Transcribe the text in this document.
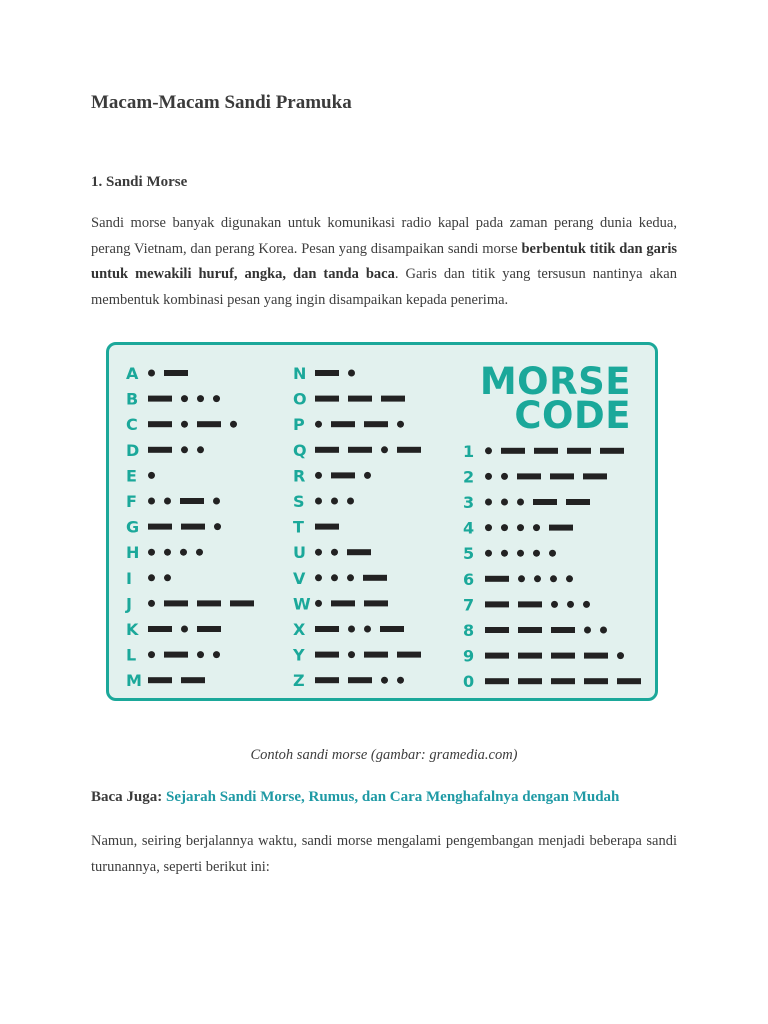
Macam-Macam Sandi Pramuka
1. Sandi Morse

Sandi morse banyak digunakan untuk komunikasi radio kapal pada zaman perang dunia kedua, perang Vietnam, dan perang Korea. Pesan yang disampaikan sandi morse berbentuk titik dan garis untuk mewakili huruf, angka, dan tanda baca. Garis dan titik yang tersusun nantinya akan membentuk kombinasi pesan yang ingin disampaikan kepada penerima.

A
B
C
D
E
F
G
H
I
J
K
L
M
N
O
P
Q
R
S
T
U
V
W
X
Y
Z
1
2
3
4
5
6
7
8
9
0
MORSE
CODE

Contoh sandi morse (gambar: gramedia.com)

Baca Juga: Sejarah Sandi Morse, Rumus, dan Cara Menghafalnya dengan Mudah

Namun, seiring berjalannya waktu, sandi morse mengalami pengembangan menjadi beberapa sandi turunannya, seperti berikut ini:
